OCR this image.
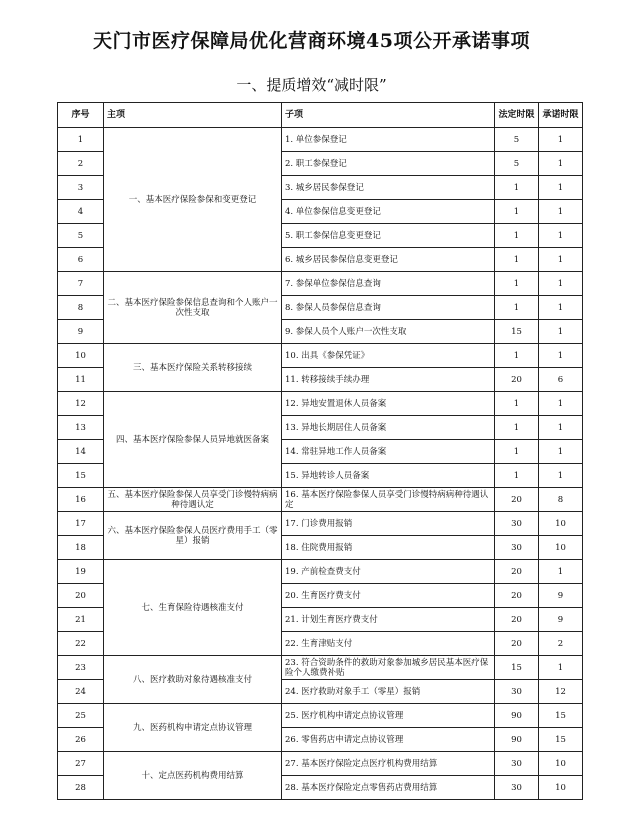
天门市医疗保障局优化营商环境45项公开承诺事项
一、提质增效“减时限”
序号	主项	子项	法定时限	承诺时限
1	一、基本医疗保险参保和变更登记	1. 单位参保登记	5	1
2		2. 职工参保登记	5	1
3		3. 城乡居民参保登记	1	1
4		4. 单位参保信息变更登记	1	1
5		5. 职工参保信息变更登记	1	1
6		6. 城乡居民参保信息变更登记	1	1
7	二、基本医疗保险参保信息查询和个人账户一次性支取	7. 参保单位参保信息查询	1	1
8		8. 参保人员参保信息查询	1	1
9		9. 参保人员个人账户一次性支取	15	1
10	三、基本医疗保险关系转移接续	10. 出具《参保凭证》	1	1
11		11. 转移接续手续办理	20	6
12	四、基本医疗保险参保人员异地就医备案	12. 异地安置退休人员备案	1	1
13		13. 异地长期居住人员备案	1	1
14		14. 常驻异地工作人员备案	1	1
15		15. 异地转诊人员备案	1	1
16	五、基本医疗保险参保人员享受门诊慢特病病种待遇认定	16. 基本医疗保险参保人员享受门诊慢特病病种待遇认定	20	8
17	六、基本医疗保险参保人员医疗费用手工（零星）报销	17. 门诊费用报销	30	10
18		18. 住院费用报销	30	10
19	七、生育保险待遇核准支付	19. 产前检查费支付	20	1
20		20. 生育医疗费支付	20	9
21		21. 计划生育医疗费支付	20	9
22		22. 生育津贴支付	20	2
23	八、医疗救助对象待遇核准支付	23. 符合资助条件的救助对象参加城乡居民基本医疗保险个人缴费补贴	15	1
24		24. 医疗救助对象手工（零星）报销	30	12
25	九、医药机构申请定点协议管理	25. 医疗机构申请定点协议管理	90	15
26		26. 零售药店申请定点协议管理	90	15
27	十、定点医药机构费用结算	27. 基本医疗保险定点医疗机构费用结算	30	10
28		28. 基本医疗保险定点零售药店费用结算	30	10
